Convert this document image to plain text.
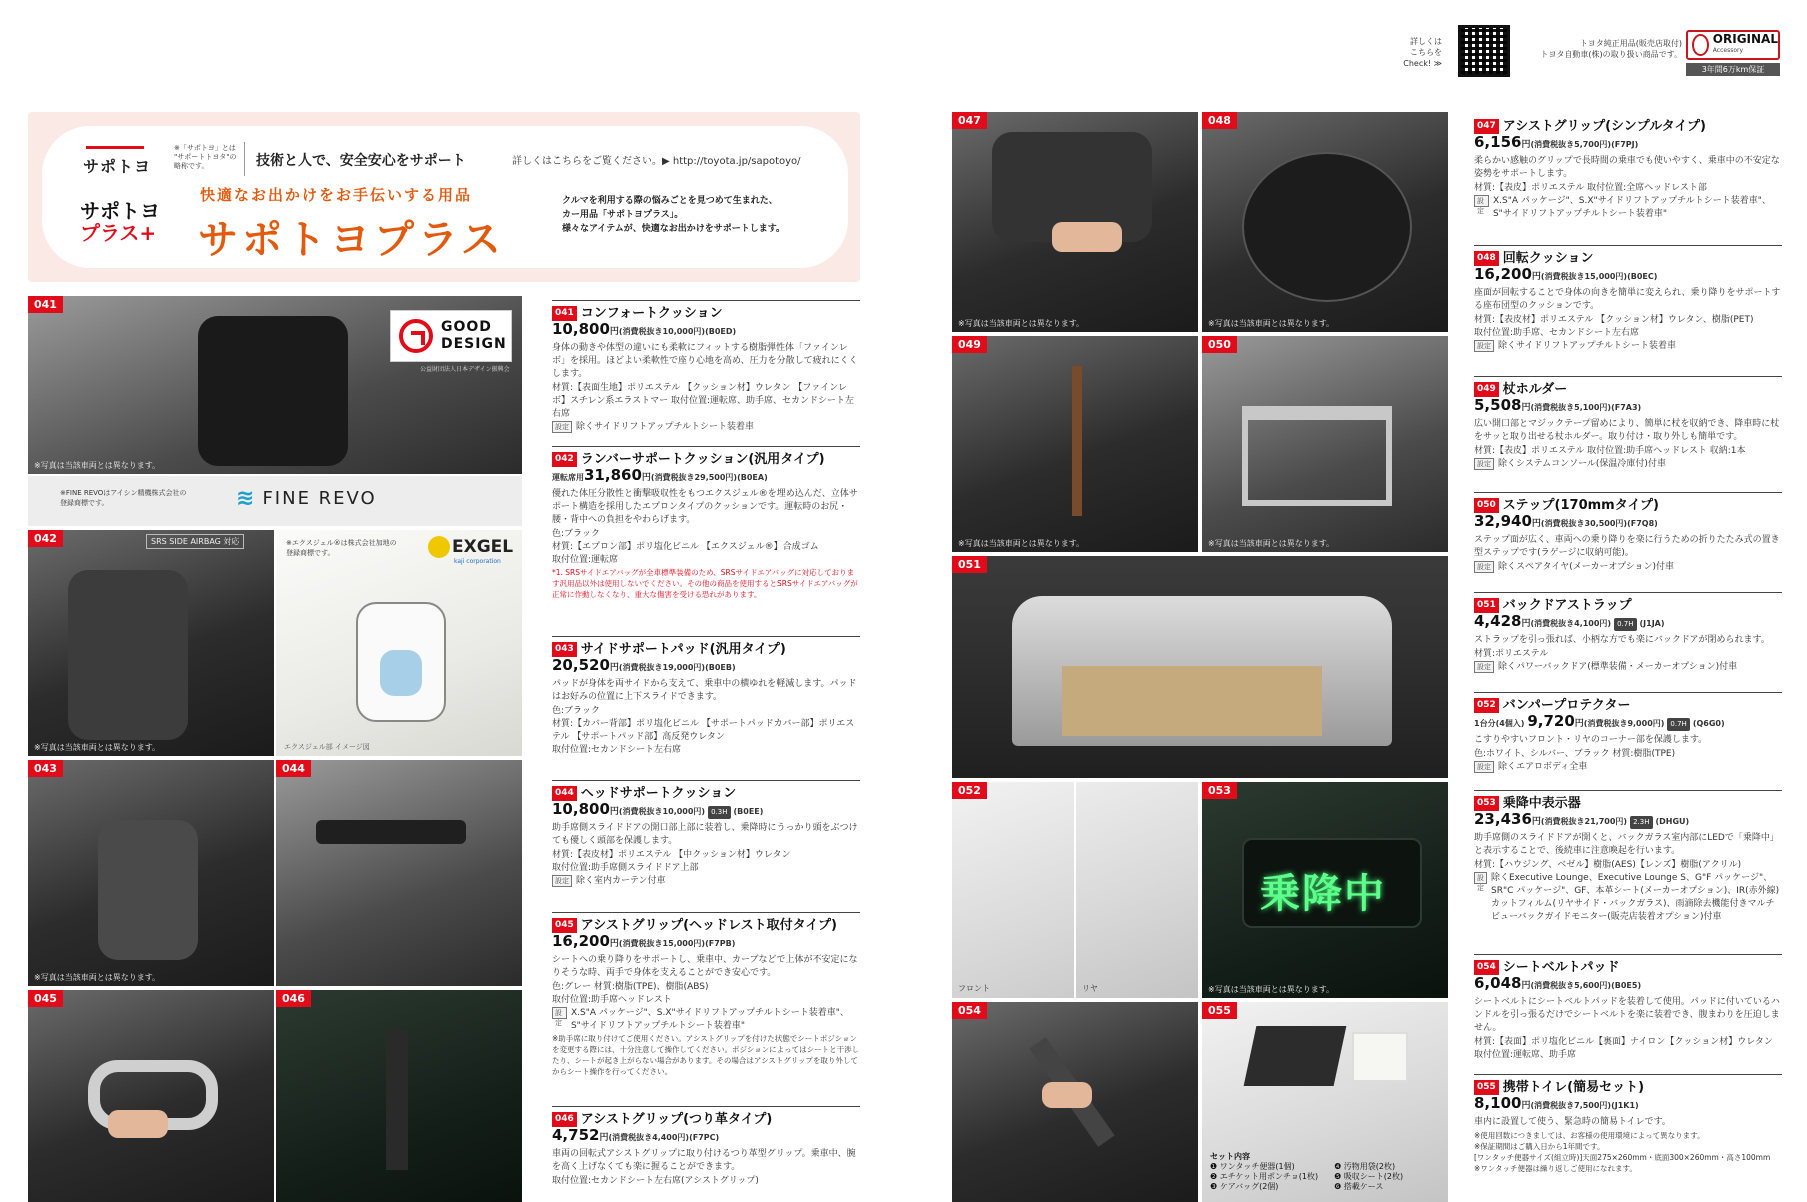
詳しくは
こちらを
Check! ≫
トヨタ純正用品(販売店取付)
トヨタ自動車(株)の取り扱い商品です。
ORIGINAL
Accessory
3年間6万km保証
サポトヨ
※「サポトヨ」とは
"サポートトヨタ"の
略称です。	技術と人で、安全安心をサポート	詳しくはこちらをご覧ください。▶ http://toyota.jp/sapotoyo/
サポトヨ
プラス+
快適なお出かけをお手伝いする用品
サポトヨプラス
クルマを利用する際の悩みごとを見つめて生まれた、
カー用品「サポトヨプラス」。
様々なアイテムが、快適なお出かけをサポートします。
041
※写真は当該車両とは異なります。
GOOD
DESIGN
公益財団法人日本デザイン振興会
※FINE REVOはアイシン精機株式会社の
登録商標です。	≋ FINE REVO
SRS SIDE AIRBAG 対応
042
※写真は当該車両とは異なります。
※エクスジェル®は株式会社加地の
登録商標です。	EXGEL
kaji corporation
エクスジェル部 イメージ図
043
※写真は当該車両とは異なります。
044
045	046
041 コンフォートクッション
10,800円(消費税抜き10,000円)(B0ED)
身体の動きや体型の違いにも柔軟にフィットする樹脂弾性体「ファインレボ」を採用。ほどよい柔軟性で座り心地を高め、圧力を分散して疲れにくくします。
材質:【表面生地】ポリエステル 【クッション材】ウレタン 【ファインレボ】スチレン系エラストマー 取付位置:運転席、助手席、セカンドシート左右席
設定 除くサイドリフトアップチルトシート装着車
042 ランバーサポートクッション(汎用タイプ)
運転席用31,860円(消費税抜き29,500円)(B0EA)
優れた体圧分散性と衝撃吸収性をもつエクスジェル®を埋め込んだ、立体サポート構造を採用したエプロンタイプのクッションです。運転時のお尻・腰・背中への負担をやわらげます。
色:ブラック
材質:【エプロン部】ポリ塩化ビニル 【エクスジェル®】合成ゴム
取付位置:運転席
*1. SRSサイドエアバッグが全車標準装備のため、SRSサイドエアバッグに対応しております汎用品以外は使用しないでください。その他の商品を使用するとSRSサイドエアバッグが正常に作動しなくなり、重大な傷害を受ける恐れがあります。
043 サイドサポートパッド(汎用タイプ)
20,520円(消費税抜き19,000円)(B0EB)
パッドが身体を両サイドから支えて、乗車中の横ゆれを軽減します。パッドはお好みの位置に上下スライドできます。
色:ブラック
材質:【カバー背部】ポリ塩化ビニル 【サポートパッドカバー部】ポリエステル 【サポートパッド部】高反発ウレタン
取付位置:セカンドシート左右席
044 ヘッドサポートクッション
10,800円(消費税抜き10,000円) 0.3H (B0EE)
助手席側スライドドアの開口部上部に装着し、乗降時にうっかり頭をぶつけても優しく頭部を保護します。
材質:【表皮材】ポリエステル 【中クッション材】ウレタン
取付位置:助手席側スライドドア上部
設定 除く室内カーテン付車
045 アシストグリップ(ヘッドレスト取付タイプ)
16,200円(消費税抜き15,000円)(F7PB)
シートへの乗り降りをサポートし、乗車中、カーブなどで上体が不安定になりそうな時、両手で身体を支えることができ安心です。
色:グレー 材質:樹脂(TPE)、樹脂(ABS)
取付位置:助手席ヘッドレスト
設定
X.S"A パッケージ"、S.X"サイドリフトアップチルトシート装着車"、S"サイドリフトアップチルトシート装着車"
※助手席に取り付けてご使用ください。アシストグリップを付けた状態でシートポジションを変更する際には、十分注意して操作してください。ポジションによってはシートと干渉したり、シートが起き上がらない場合があります。その場合はアシストグリップを取り外してからシート操作を行ってください。
046 アシストグリップ(つり革タイプ)
4,752円(消費税抜き4,400円)(F7PC)
車両の回転式アシストグリップに取り付けるつり革型グリップ。乗車中、腕を高く上げなくても楽に握ることができます。
取付位置:セカンドシート左右席(アシストグリップ)
047
※写真は当該車両とは異なります。
048
※写真は当該車両とは異なります。
049
※写真は当該車両とは異なります。
050
※写真は当該車両とは異なります。
051
052
フロント	リヤ
乗降中
053
※写真は当該車両とは異なります。
054	055
セット内容
❶ ワンタッチ便器(1個)
❷ エチケット用ポンチョ(1枚)
❸ ケアバッグ(2個)
❹ 汚物用袋(2枚)
❺ 吸収シート(2枚)
❻ 搭載ケース
047 アシストグリップ(シンプルタイプ)
6,156円(消費税抜き5,700円)(F7PJ)
柔らかい感触のグリップで長時間の乗車でも使いやすく、乗車中の不安定な姿勢をサポートします。
材質:【表皮】ポリエステル 取付位置:全席ヘッドレスト部
設定
X.S"A パッケージ"、S.X"サイドリフトアップチルトシート装着車"、S"サイドリフトアップチルトシート装着車"
048 回転クッション
16,200円(消費税抜き15,000円)(B0EC)
座面が回転することで身体の向きを簡単に変えられ、乗り降りをサポートする座布団型のクッションです。
材質:【表皮材】ポリエステル 【クッション材】ウレタン、樹脂(PET)
取付位置:助手席、セカンドシート左右席
設定 除くサイドリフトアップチルトシート装着車
049 杖ホルダー
5,508円(消費税抜き5,100円)(F7A3)
広い開口部とマジックテープ留めにより、簡単に杖を収納でき、降車時に杖をサッと取り出せる杖ホルダー。取り付け・取り外しも簡単です。
材質:【表皮】ポリエステル 取付位置:助手席ヘッドレスト 収納:1本
設定 除くシステムコンソール(保温冷庫付)付車
050 ステップ(170mmタイプ)
32,940円(消費税抜き30,500円)(F7Q8)
ステップ面が広く、車両への乗り降りを楽に行うための折りたたみ式の置き型ステップです(ラゲージに収納可能)。
設定 除くスペアタイヤ(メーカーオプション)付車
051 バックドアストラップ
4,428円(消費税抜き4,100円) 0.7H (J1JA)
ストラップを引っ張れば、小柄な方でも楽にバックドアが閉められます。
材質:ポリエステル
設定 除くパワーバックドア(標準装備・メーカーオプション)付車
052 バンパープロテクター
1台分(4個入) 9,720円(消費税抜き9,000円) 0.7H (Q6G0)
こすりやすいフロント・リヤのコーナー部を保護します。
色:ホワイト、シルバー、ブラック 材質:樹脂(TPE)
設定 除くエアロボディ全車
053 乗降中表示器
23,436円(消費税抜き21,700円) 2.3H (DHGU)
助手席側のスライドドアが開くと、バックガラス室内部にLEDで「乗降中」と表示することで、後続車に注意喚起を行います。
材質:【ハウジング、ベゼル】樹脂(AES)【レンズ】樹脂(アクリル)
設定
除くExecutive Lounge、Executive Lounge S、G"F パッケージ"、SR"C パッケージ"、GF、本革シート(メーカーオプション)、IR(赤外線)カットフィルム(リヤサイド・バックガラス)、雨滴除去機能付きマルチビューバックガイドモニター(販売店装着オプション)付車
054 シートベルトパッド
6,048円(消費税抜き5,600円)(B0E5)
シートベルトにシートベルトパッドを装着して使用。パッドに付いているハンドルを引っ張るだけでシートベルトを楽に装着でき、腹まわりを圧迫しません。
材質:【表面】ポリ塩化ビニル【裏面】ナイロン【クッション材】ウレタン
取付位置:運転席、助手席
055 携帯トイレ(簡易セット)
8,100円(消費税抜き7,500円)(J1K1)
車内に設置して使う、緊急時の簡易トイレです。
※使用回数につきましては、お客様の使用環境によって異なります。
※保証期間はご購入日から1年間です。
[ワンタッチ便器サイズ(組立時)]天面275×260mm・底面300×260mm・高さ100mm
※ワンタッチ便器は繰り返しご使用になれます。
